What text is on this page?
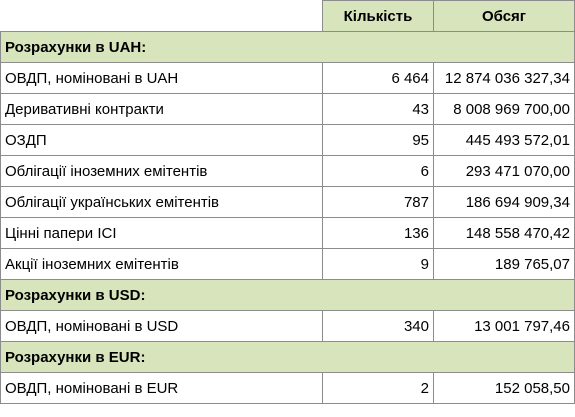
	Кількість	Обсяг
Розрахунки в UAH:		
ОВДП, номіновані в UAH	6 464	12 874 036 327,34
Деривативні контракти	43	8 008 969 700,00
ОЗДП	95	445 493 572,01
Облігації іноземних емітентів	6	293 471 070,00
Облігації українських емітентів	787	186 694 909,34
Цінні папери ІСІ	136	148 558 470,42
Акції іноземних емітентів	9	189 765,07
Розрахунки в USD:		
ОВДП, номіновані в USD	340	13 001 797,46
Розрахунки в EUR:		
ОВДП, номіновані в EUR	2	152 058,50
